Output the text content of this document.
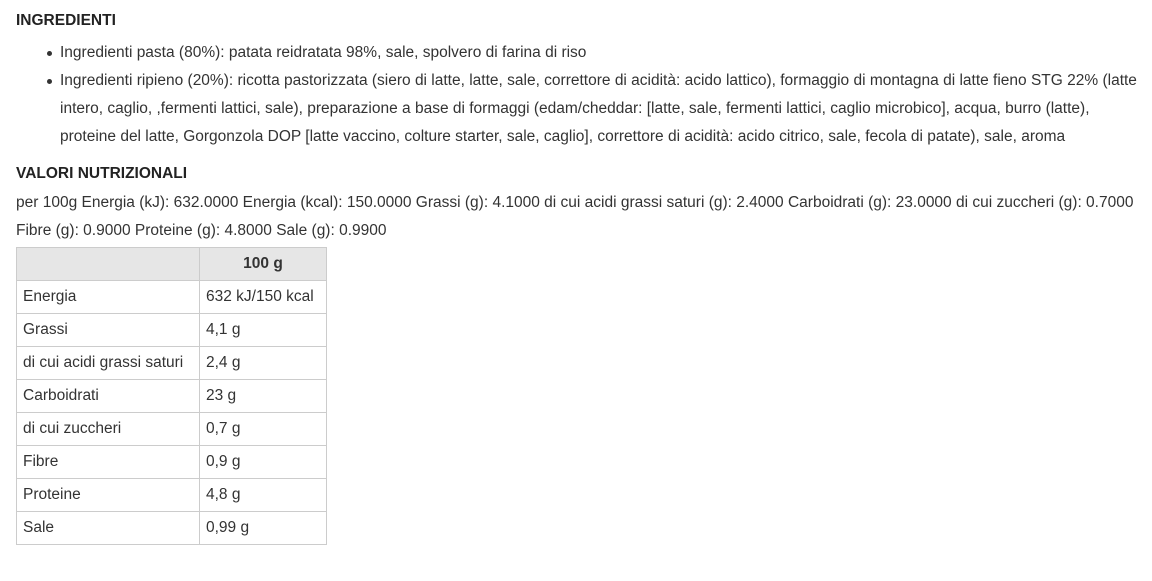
INGREDIENTI
Ingredienti pasta (80%): patata reidratata 98%, sale, spolvero di farina di riso
Ingredienti ripieno (20%): ricotta pastorizzata (siero di latte, latte, sale, correttore di acidità: acido lattico), formaggio di montagna di latte fieno STG 22% (latte intero, caglio, ,fermenti lattici, sale), preparazione a base di formaggi (edam/cheddar: [latte, sale, fermenti lattici, caglio microbico], acqua, burro (latte), proteine del latte, Gorgonzola DOP [latte vaccino, colture starter, sale, caglio], correttore di acidità: acido citrico, sale, fecola di patate), sale, aroma
VALORI NUTRIZIONALI

per 100g Energia (kJ): 632.0000 Energia (kcal): 150.0000 Grassi (g): 4.1000 di cui acidi grassi saturi (g): 2.4000 Carboidrati (g): 23.0000 di cui zuccheri (g): 0.7000 Fibre (g): 0.9000 Proteine (g): 4.8000 Sale (g): 0.9900

	100 g
Energia	632 kJ/150 kcal
Grassi	4,1 g
di cui acidi grassi saturi	2,4 g
Carboidrati	23 g
di cui zuccheri	0,7 g
Fibre	0,9 g
Proteine	4,8 g
Sale	0,99 g
